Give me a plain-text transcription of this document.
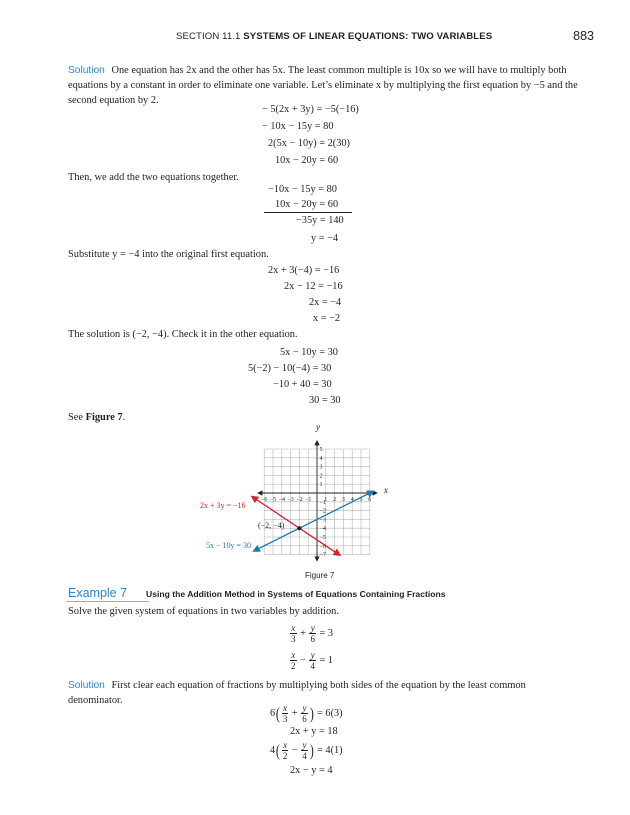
SECTION 11.1 SYSTEMS OF LINEAR EQUATIONS: TWO VARIABLES	883
Solution One equation has 2x and the other has 5x. The least common multiple is 10x so we will have to multiply both equations by a constant in order to eliminate one variable. Let’s eliminate x by multiplying the first equation by −5 and the second equation by 2.
− 5(2x + 3y) = −5(−16)
− 10x − 15y = 80
2(5x − 10y) = 2(30)
10x − 20y = 60
Then, we add the two equations together.
−10x − 15y = 80
10x − 20y = 60
−35y = 140
y = −4
Substitute y = −4 into the original first equation.
2x + 3(−4) = −16
2x − 12 = −16
2x = −4
x = −2
The solution is (−2, −4). Check it in the other equation.
5x − 10y = 30
5(−2) − 10(−4) = 30
−10 + 40 = 30
30 = 30
See Figure 7.
−6 −5 −4 −3 −2 −1 1 2 3 4 5 6
5
4
3
2
1
−1
−2
−3
−4
−5
−6
−7
x
y
(−2, −4)
2x + 3y = −16
5x − 10y = 30
Figure 7
Example 7 Using the Addition Method in Systems of Equations Containing Fractions
Solve the given system of equations in two variables by addition.
$\frac{x}{3} + \frac{y}{6} = 3$
$\frac{x}{2} - \frac{y}{4} = 1$
Solution First clear each equation of fractions by multiplying both sides of the equation by the least common denominator.
$6( \frac{x}{3} + \frac{y}{6}$ ) = 6(3)
2x + y = 18
$4( \frac{x}{2} - \frac{y}{4}$ ) = 4(1)
2x − y = 4
